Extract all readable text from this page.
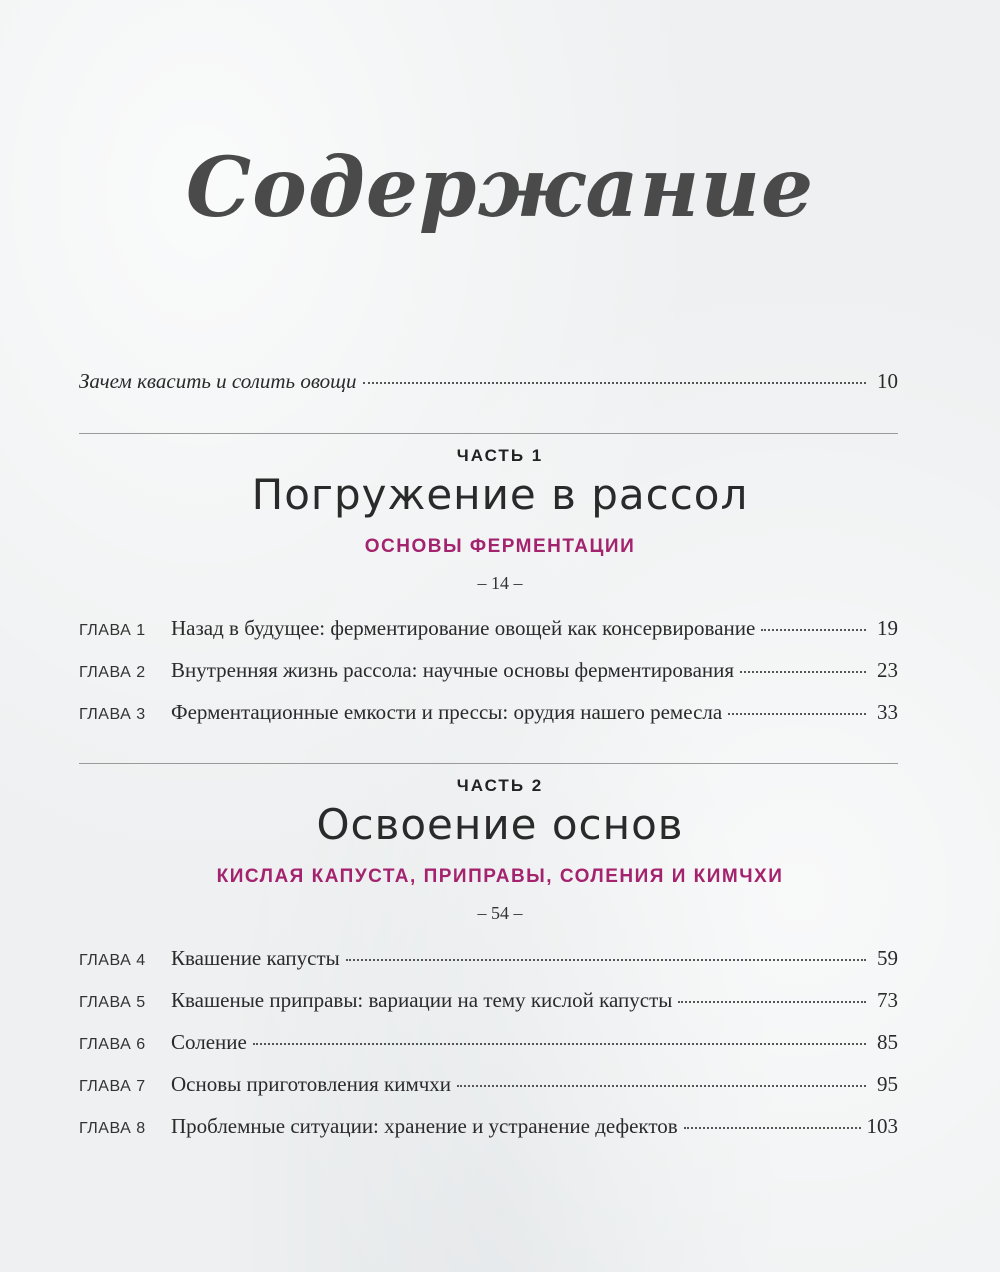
Содержание
Зачем квасить и солить овощи	10
ЧАСТЬ 1
Погружение в рассол
ОСНОВЫ ФЕРМЕНТАЦИИ
– 14 –
ГЛАВА 1	Назад в будущее: ферментирование овощей как консервирование	19
ГЛАВА 2	Внутренняя жизнь рассола: научные основы ферментирования	23
ГЛАВА 3	Ферментационные емкости и прессы: орудия нашего ремесла	33
ЧАСТЬ 2
Освоение основ
КИСЛАЯ КАПУСТА, ПРИПРАВЫ, СОЛЕНИЯ И КИМЧХИ
– 54 –
ГЛАВА 4	Квашение капусты	59
ГЛАВА 5	Квашеные приправы: вариации на тему кислой капусты	73
ГЛАВА 6	Соление	85
ГЛАВА 7	Основы приготовления кимчхи	95
ГЛАВА 8	Проблемные ситуации: хранение и устранение дефектов	103
